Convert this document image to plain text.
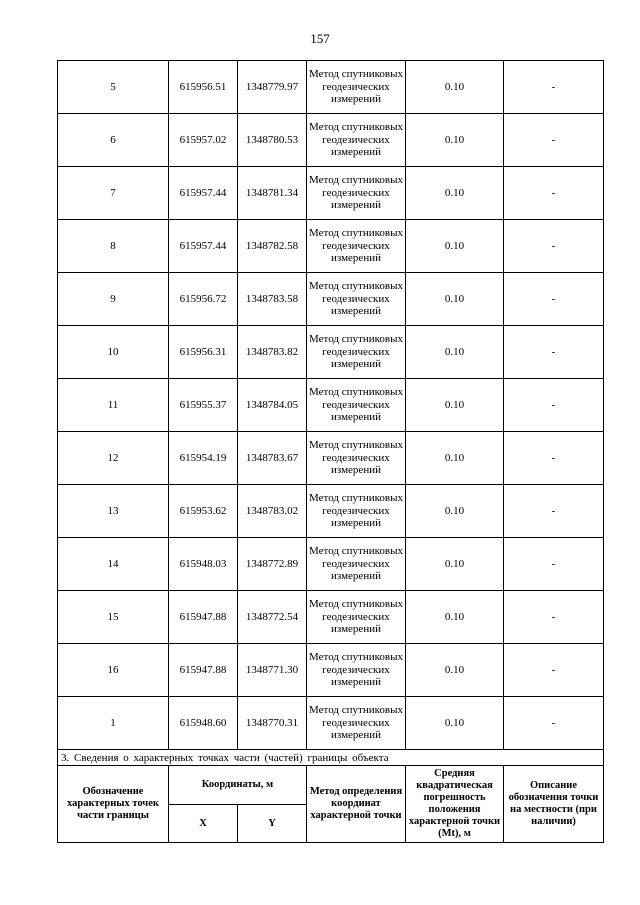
157
5	615956.51	1348779.97	Метод спутниковых геодезических измерений	0.10	-
6	615957.02	1348780.53	Метод спутниковых геодезических измерений	0.10	-
7	615957.44	1348781.34	Метод спутниковых геодезических измерений	0.10	-
8	615957.44	1348782.58	Метод спутниковых геодезических измерений	0.10	-
9	615956.72	1348783.58	Метод спутниковых геодезических измерений	0.10	-
10	615956.31	1348783.82	Метод спутниковых геодезических измерений	0.10	-
11	615955.37	1348784.05	Метод спутниковых геодезических измерений	0.10	-
12	615954.19	1348783.67	Метод спутниковых геодезических измерений	0.10	-
13	615953.62	1348783.02	Метод спутниковых геодезических измерений	0.10	-
14	615948.03	1348772.89	Метод спутниковых геодезических измерений	0.10	-
15	615947.88	1348772.54	Метод спутниковых геодезических измерений	0.10	-
16	615947.88	1348771.30	Метод спутниковых геодезических измерений	0.10	-
1	615948.60	1348770.31	Метод спутниковых геодезических измерений	0.10	-
3. Сведения о характерных точках части (частей) границы объекта					
Обозначение характерных точек части границы	Координаты, м		Метод определения координат характерной точки	Средняя квадратическая погрешность положения характерной точки (Mt), м	Описание обозначения точки на местности (при наличии)
	X	Y			
